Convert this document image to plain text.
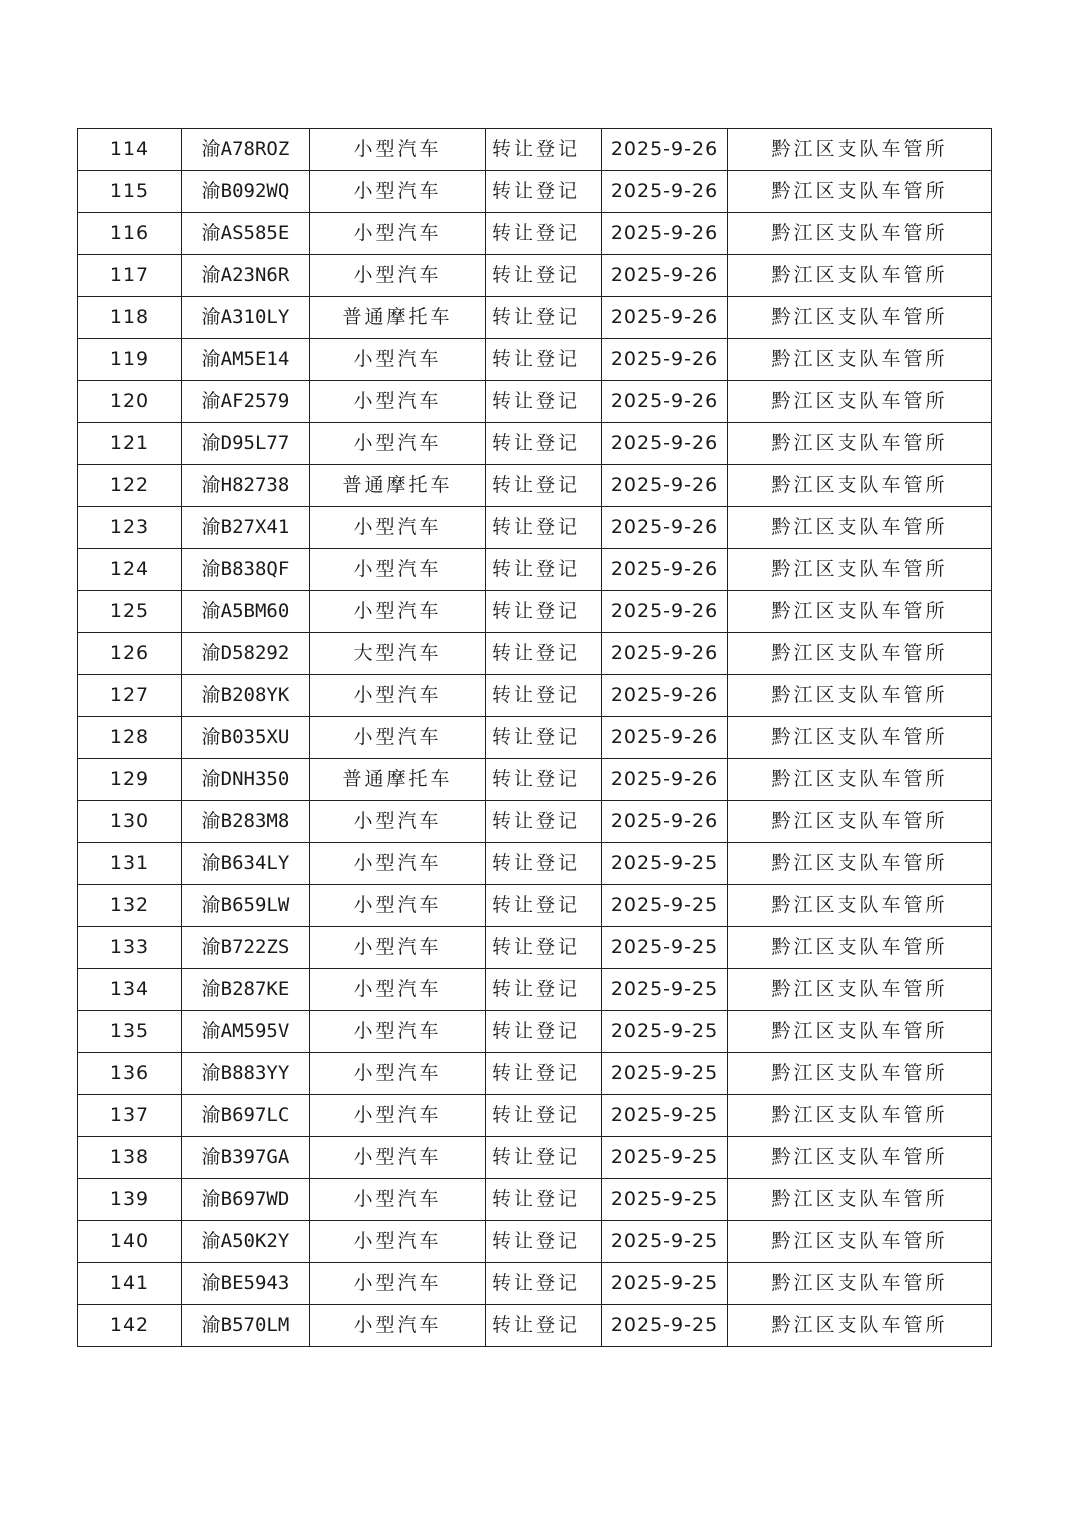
114	渝A78ROZ	小型汽车	转让登记	2025-9-26	黔江区支队车管所
115	渝B092WQ	小型汽车	转让登记	2025-9-26	黔江区支队车管所
116	渝AS585E	小型汽车	转让登记	2025-9-26	黔江区支队车管所
117	渝A23N6R	小型汽车	转让登记	2025-9-26	黔江区支队车管所
118	渝A310LY	普通摩托车	转让登记	2025-9-26	黔江区支队车管所
119	渝AM5E14	小型汽车	转让登记	2025-9-26	黔江区支队车管所
120	渝AF2579	小型汽车	转让登记	2025-9-26	黔江区支队车管所
121	渝D95L77	小型汽车	转让登记	2025-9-26	黔江区支队车管所
122	渝H82738	普通摩托车	转让登记	2025-9-26	黔江区支队车管所
123	渝B27X41	小型汽车	转让登记	2025-9-26	黔江区支队车管所
124	渝B838QF	小型汽车	转让登记	2025-9-26	黔江区支队车管所
125	渝A5BM60	小型汽车	转让登记	2025-9-26	黔江区支队车管所
126	渝D58292	大型汽车	转让登记	2025-9-26	黔江区支队车管所
127	渝B208YK	小型汽车	转让登记	2025-9-26	黔江区支队车管所
128	渝B035XU	小型汽车	转让登记	2025-9-26	黔江区支队车管所
129	渝DNH350	普通摩托车	转让登记	2025-9-26	黔江区支队车管所
130	渝B283M8	小型汽车	转让登记	2025-9-26	黔江区支队车管所
131	渝B634LY	小型汽车	转让登记	2025-9-25	黔江区支队车管所
132	渝B659LW	小型汽车	转让登记	2025-9-25	黔江区支队车管所
133	渝B722ZS	小型汽车	转让登记	2025-9-25	黔江区支队车管所
134	渝B287KE	小型汽车	转让登记	2025-9-25	黔江区支队车管所
135	渝AM595V	小型汽车	转让登记	2025-9-25	黔江区支队车管所
136	渝B883YY	小型汽车	转让登记	2025-9-25	黔江区支队车管所
137	渝B697LC	小型汽车	转让登记	2025-9-25	黔江区支队车管所
138	渝B397GA	小型汽车	转让登记	2025-9-25	黔江区支队车管所
139	渝B697WD	小型汽车	转让登记	2025-9-25	黔江区支队车管所
140	渝A50K2Y	小型汽车	转让登记	2025-9-25	黔江区支队车管所
141	渝BE5943	小型汽车	转让登记	2025-9-25	黔江区支队车管所
142	渝B570LM	小型汽车	转让登记	2025-9-25	黔江区支队车管所
